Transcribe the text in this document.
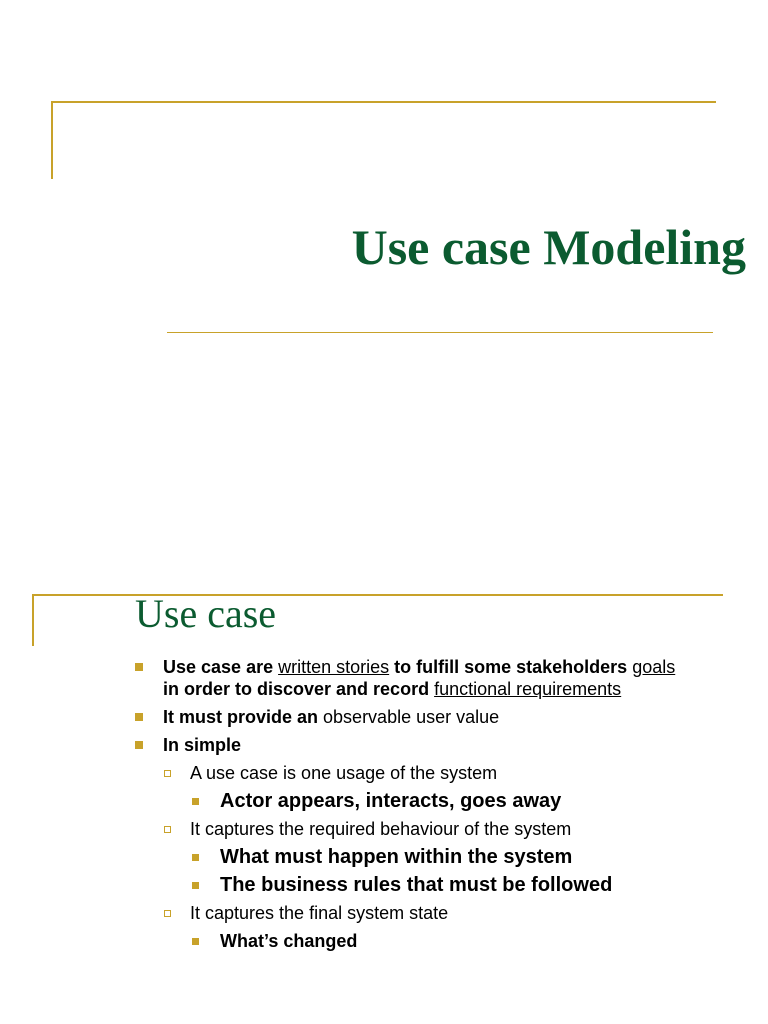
Use case Modeling
Use case
Use case are written stories to fulfill some stakeholders goals
in order to discover and record functional requirements
It must provide an observable user value
In simple
A use case is one usage of the system
Actor appears, interacts, goes away
It captures the required behaviour of the system
What must happen within the system
The business rules that must be followed
It captures the final system state
What’s changed
